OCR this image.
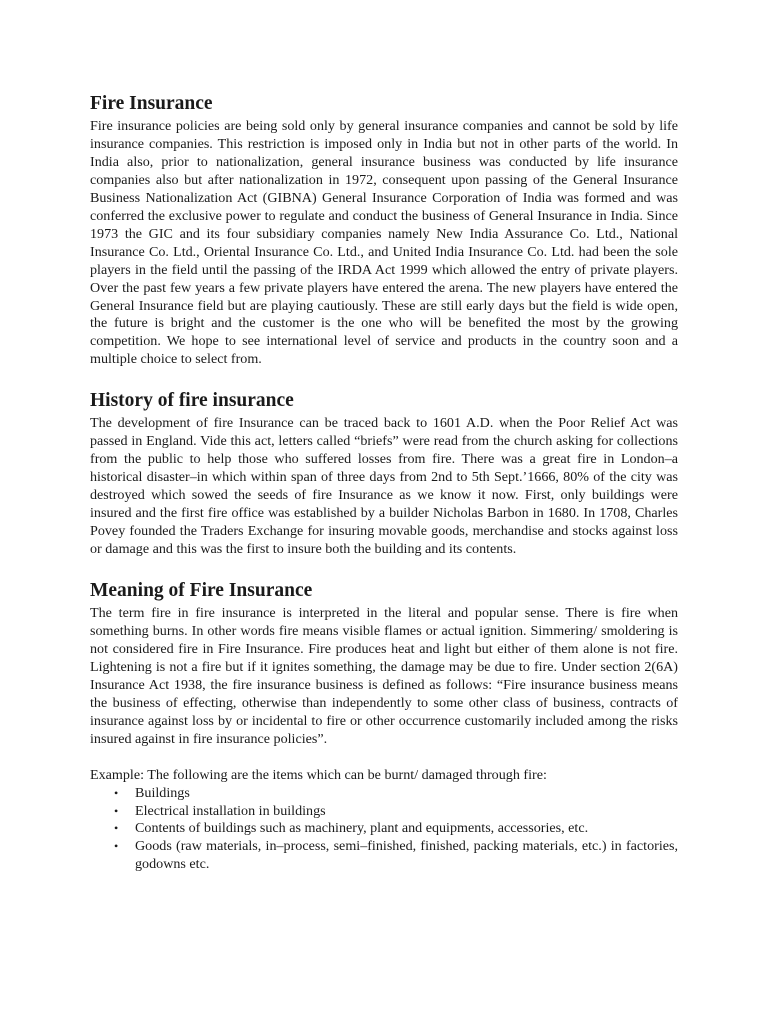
Fire Insurance

Fire insurance policies are being sold only by general insurance companies and cannot be sold by life insurance companies. This restriction is imposed only in India but not in other parts of the world. In India also, prior to nationalization, general insurance business was conducted by life insurance companies also but after nationalization in 1972, consequent upon passing of the General Insurance Business Nationalization Act (GIBNA) General Insurance Corporation of India was formed and was conferred the exclusive power to regulate and conduct the business of General Insurance in India. Since 1973 the GIC and its four subsidiary companies namely New India Assurance Co. Ltd., National Insurance Co. Ltd., Oriental Insurance Co. Ltd., and United India Insurance Co. Ltd. had been the sole players in the field until the passing of the IRDA Act 1999 which allowed the entry of private players. Over the past few years a few private players have entered the arena. The new players have entered the General Insurance field but are playing cautiously. These are still early days but the field is wide open, the future is bright and the customer is the one who will be benefited the most by the growing competition. We hope to see international level of service and products in the country soon and a multiple choice to select from.

History of fire insurance

The development of fire Insurance can be traced back to 1601 A.D. when the Poor Relief Act was passed in England. Vide this act, letters called “briefs” were read from the church asking for collections from the public to help those who suffered losses from fire. There was a great fire in London–a historical disaster–in which within span of three days from 2nd to 5th Sept.’1666, 80% of the city was destroyed which sowed the seeds of fire Insurance as we know it now. First, only buildings were insured and the first fire office was established by a builder Nicholas Barbon in 1680. In 1708, Charles Povey founded the Traders Exchange for insuring movable goods, merchandise and stocks against loss or damage and this was the first to insure both the building and its contents.

Meaning of Fire Insurance

The term fire in fire insurance is interpreted in the literal and popular sense. There is fire when something burns. In other words fire means visible flames or actual ignition. Simmering/ smoldering is not considered fire in Fire Insurance. Fire produces heat and light but either of them alone is not fire. Lightening is not a fire but if it ignites something, the damage may be due to fire. Under section 2(6A) Insurance Act 1938, the fire insurance business is defined as follows: “Fire insurance business means the business of effecting, otherwise than independently to some other class of business, contracts of insurance against loss by or incidental to fire or other occurrence customarily included among the risks insured against in fire insurance policies”.

Example: The following are the items which can be burnt/ damaged through fire:
• Buildings
• Electrical installation in buildings
• Contents of buildings such as machinery, plant and equipments, accessories, etc.
• Goods (raw materials, in–process, semi–finished, finished, packing materials, etc.) in factories, godowns etc.
